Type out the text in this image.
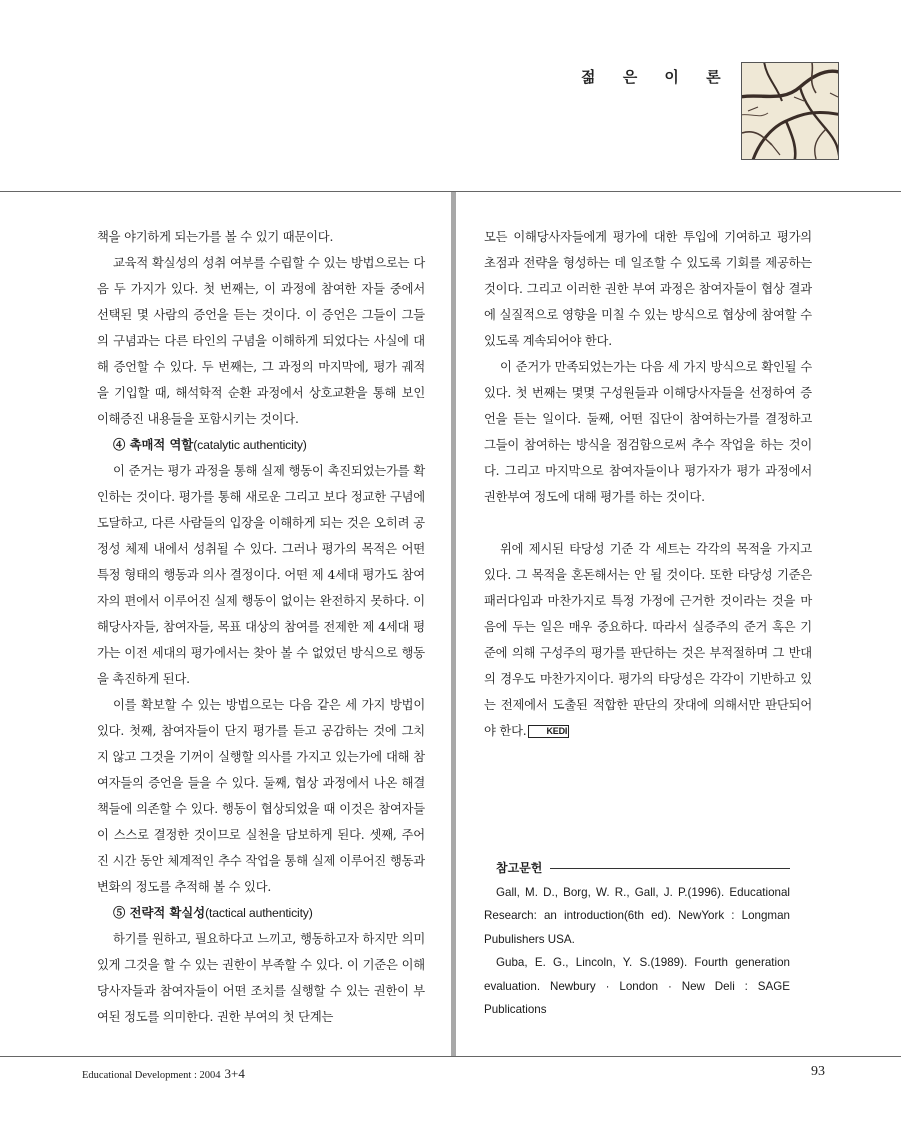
젊 은 이 론

책을 야기하게 되는가를 볼 수 있기 때문이다.

교육적 확실성의 성취 여부를 수립할 수 있는 방법으로는 다음 두 가지가 있다. 첫 번째는, 이 과정에 참여한 자들 중에서 선택된 몇 사람의 증언을 듣는 것이다. 이 증언은 그들이 그들의 구념과는 다른 타인의 구념을 이해하게 되었다는 사실에 대해 증언할 수 있다. 두 번째는, 그 과정의 마지막에, 평가 궤적을 기입할 때, 해석학적 순환 과정에서 상호교환을 통해 보인 이해증진 내용들을 포함시키는 것이다.

④ 촉매적 역할(catalytic authenticity)

이 준거는 평가 과정을 통해 실제 행동이 촉진되었는가를 확인하는 것이다. 평가를 통해 새로운 그리고 보다 정교한 구념에 도달하고, 다른 사람들의 입장을 이해하게 되는 것은 오히려 공정성 체제 내에서 성취될 수 있다. 그러나 평가의 목적은 어떤 특정 형태의 행동과 의사 결정이다. 어떤 제 4세대 평가도 참여자의 편에서 이루어진 실제 행동이 없이는 완전하지 못하다. 이해당사자들, 참여자들, 목표 대상의 참여를 전제한 제 4세대 평가는 이전 세대의 평가에서는 찾아 볼 수 없었던 방식으로 행동을 촉진하게 된다.

이를 확보할 수 있는 방법으로는 다음 같은 세 가지 방법이 있다. 첫째, 참여자들이 단지 평가를 듣고 공감하는 것에 그치지 않고 그것을 기꺼이 실행할 의사를 가지고 있는가에 대해 참여자들의 증언을 들을 수 있다. 둘째, 협상 과정에서 나온 해결책들에 의존할 수 있다. 행동이 협상되었을 때 이것은 참여자들이 스스로 결정한 것이므로 실천을 담보하게 된다. 셋째, 주어진 시간 동안 체계적인 추수 작업을 통해 실제 이루어진 행동과 변화의 정도를 추적해 볼 수 있다.

⑤ 전략적 확실성(tactical authenticity)

하기를 원하고, 필요하다고 느끼고, 행동하고자 하지만 의미 있게 그것을 할 수 있는 권한이 부족할 수 있다. 이 기준은 이해당사자들과 참여자들이 어떤 조치를 실행할 수 있는 권한이 부여된 정도를 의미한다. 권한 부여의 첫 단계는

모든 이해당사자들에게 평가에 대한 투입에 기여하고 평가의 초점과 전략을 형성하는 데 일조할 수 있도록 기회를 제공하는 것이다. 그리고 이러한 권한 부여 과정은 참여자들이 협상 결과에 실질적으로 영향을 미칠 수 있는 방식으로 협상에 참여할 수 있도록 계속되어야 한다.

이 준거가 만족되었는가는 다음 세 가지 방식으로 확인될 수 있다. 첫 번째는 몇몇 구성원들과 이해당사자들을 선정하여 증언을 듣는 일이다. 둘째, 어떤 집단이 참여하는가를 결정하고 그들이 참여하는 방식을 점검함으로써 추수 작업을 하는 것이다. 그리고 마지막으로 참여자들이나 평가자가 평가 과정에서 권한부여 정도에 대해 평가를 하는 것이다.

위에 제시된 타당성 기준 각 세트는 각각의 목적을 가지고 있다. 그 목적을 혼돈해서는 안 될 것이다. 또한 타당성 기준은 패러다임과 마찬가지로 특정 가정에 근거한 것이라는 것을 마음에 두는 일은 매우 중요하다. 따라서 실증주의 준거 혹은 기준에 의해 구성주의 평가를 판단하는 것은 부적절하며 그 반대의 경우도 마찬가지이다. 평가의 타당성은 각각이 기반하고 있는 전제에서 도출된 적합한 판단의 잣대에 의해서만 판단되어야 한다. KEDI

참고문헌

Gall, M. D., Borg, W. R., Gall, J. P.(1996). Educational Research: an introduction(6th ed). NewYork : Longman Pubulishers USA.

Guba, E. G., Lincoln, Y. S.(1989). Fourth generation evaluation. Newbury · London · New Deli : SAGE Publications

Educational Development : 2004 3+4	93
